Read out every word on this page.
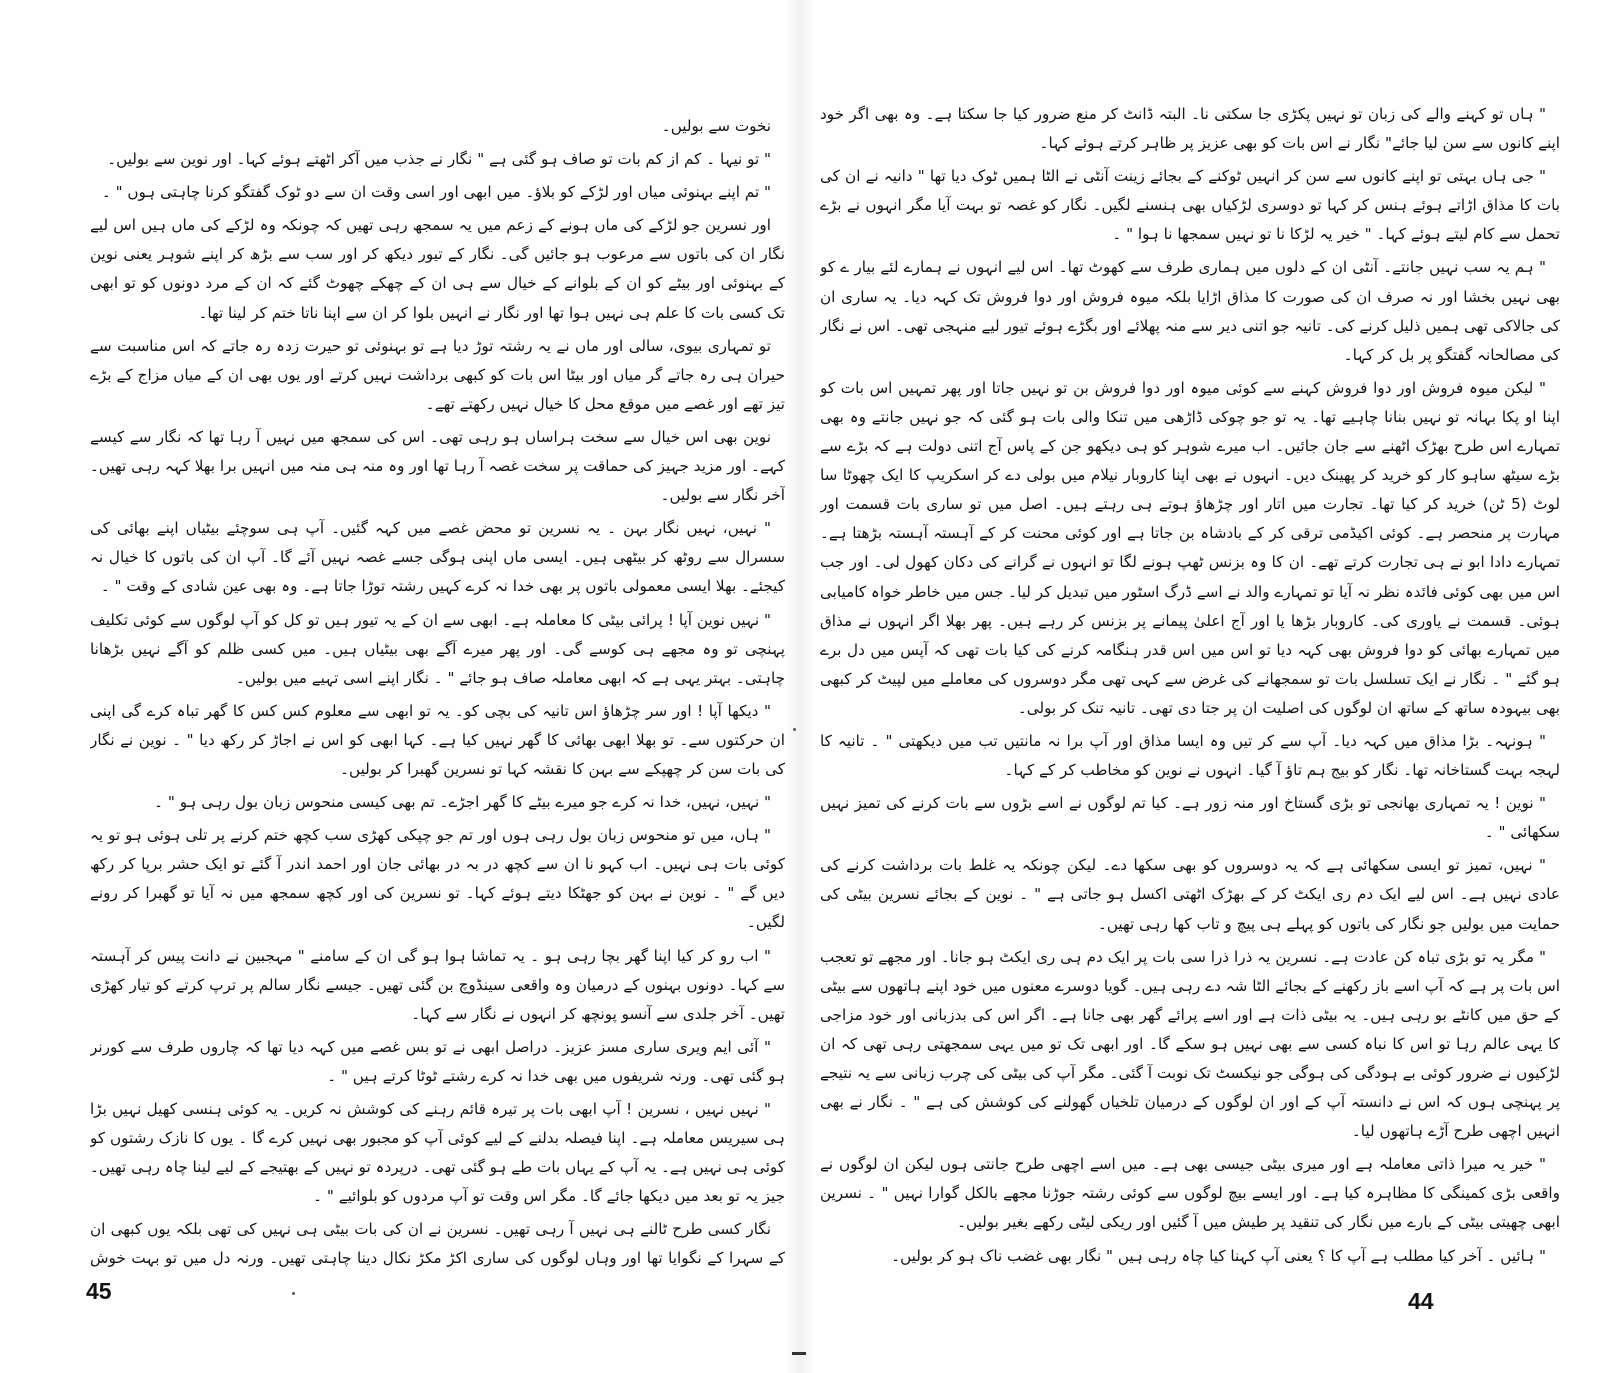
نخوت سے بولیں۔

" تو نیہا ۔ کم از کم بات تو صاف ہو گئی ہے " نگار نے جذب میں آکر اٹھتے ہوئے کہا۔ اور نوین سے بولیں۔

" تم اپنے بہنوئی میاں اور لڑکے کو بلاؤ۔ میں ابھی اور اسی وقت ان سے دو ٹوک گفتگو کرنا چاہتی ہوں " ۔

اور نسرین جو لڑکے کی ماں ہونے کے زعم میں یہ سمجھ رہی تھیں کہ چونکہ وہ لڑکے کی ماں ہیں اس لیے نگار ان کی باتوں سے مرعوب ہو جائیں گی۔ نگار کے تیور دیکھ کر اور سب سے بڑھ کر اپنے شوہر یعنی نوین کے بہنوئی اور بیٹے کو ان کے بلوانے کے خیال سے ہی ان کے چھکے چھوٹ گئے کہ ان کے مرد دونوں کو تو ابھی تک کسی بات کا علم ہی نہیں ہوا تھا اور نگار نے انہیں بلوا کر ان سے اپنا ناتا ختم کر لینا تھا۔

تو تمہاری بیوی، سالی اور ماں نے یہ رشتہ توڑ دیا ہے تو بہنوئی تو حیرت زدہ رہ جاتے کہ اس مناسبت سے حیران ہی رہ جاتے گر میاں اور بیٹا اس بات کو کبھی برداشت نہیں کرتے اور یوں بھی ان کے میاں مزاج کے بڑے تیز تھے اور غصے میں موقع محل کا خیال نہیں رکھتے تھے۔

نوین بھی اس خیال سے سخت ہراساں ہو رہی تھی۔ اس کی سمجھ میں نہیں آ رہا تھا کہ نگار سے کیسے کہے۔ اور مزید جہیز کی حماقت پر سخت غصہ آ رہا تھا اور وہ منہ ہی منہ میں انہیں برا بھلا کہہ رہی تھیں۔ آخر نگار سے بولیں۔

" نہیں، نہیں نگار بہن ۔ یہ نسرین تو محض غصے میں کہہ گئیں۔ آپ ہی سوچئے بیٹیاں اپنے بھائی کی سسرال سے روٹھ کر بیٹھی ہیں۔ ایسی ماں اپنی ہوگی جسے غصہ نہیں آئے گا۔ آپ ان کی باتوں کا خیال نہ کیجئے۔ بھلا ایسی معمولی باتوں پر بھی خدا نہ کرے کہیں رشتہ توڑا جاتا ہے۔ وہ بھی عین شادی کے وقت " ۔

" نہیں نوین آپا ! پرائی بیٹی کا معاملہ ہے۔ ابھی سے ان کے یہ تیور ہیں تو کل کو آپ لوگوں سے کوئی تکلیف پہنچی تو وہ مجھے ہی کوسے گی۔ اور پھر میرے آگے بھی بیٹیاں ہیں۔ میں کسی ظلم کو آگے نہیں بڑھانا چاہتی۔ بہتر یہی ہے کہ ابھی معاملہ صاف ہو جائے " ۔ نگار اپنے اسی تہیے میں بولیں۔

" دیکھا آپا ! اور سر چڑھاؤ اس تانیہ کی بچی کو۔ یہ تو ابھی سے معلوم کس کس کا گھر تباہ کرے گی اپنی ان حرکتوں سے۔ تو بھلا ابھی بھائی کا گھر نہیں کیا ہے۔ کہا ابھی کو اس نے اجاڑ کر رکھ دیا " ۔ نوین نے نگار کی بات سن کر چھپکے سے بہن کا نقشہ کہا تو نسرین گھبرا کر بولیں۔

" نہیں، نہیں، خدا نہ کرے جو میرے بیٹے کا گھر اجڑے۔ تم بھی کیسی منحوس زبان بول رہی ہو " ۔

" ہاں، میں تو منحوس زبان بول رہی ہوں اور تم جو چپکی کھڑی سب کچھ ختم کرنے پر تلی ہوئی ہو تو یہ کوئی بات ہی نہیں۔ اب کہو نا ان سے کچھ در بہ در بھائی جان اور احمد اندر آ گئے تو ایک حشر برپا کر رکھ دیں گے " ۔ نوین نے بہن کو جھٹکا دیتے ہوئے کہا۔ تو نسرین کی اور کچھ سمجھ میں نہ آیا تو گھبرا کر رونے لگیں۔

" اب رو کر کیا اپنا گھر بچا رہی ہو ۔ یہ تماشا ہوا ہو گی ان کے سامنے " مہجبین نے دانت پیس کر آہستہ سے کہا۔ دونوں بہنوں کے درمیان وہ واقعی سینڈوچ بن گئی تھیں۔ جیسے نگار سالم پر ترپ کرتے کو تیار کھڑی تھیں۔ آخر جلدی سے آنسو پونچھ کر انہوں نے نگار سے کہا۔

" آئی ایم ویری ساری مسز عزیز۔ دراصل ابھی نے تو بس غصے میں کہہ دیا تھا کہ چاروں طرف سے کورنر ہو گئی تھی۔ ورنہ شریفوں میں بھی خدا نہ کرے رشتے ٹوٹا کرتے ہیں " ۔

" نہیں نہیں ، نسرین ! آپ ابھی بات پر تیرہ قائم رہنے کی کوشش نہ کریں۔ یہ کوئی ہنسی کھیل نہیں بڑا ہی سیریس معاملہ ہے۔ اپنا فیصلہ بدلنے کے لیے کوئی آپ کو مجبور بھی نہیں کرے گا ۔ یوں کا نازک رشتوں کو کوئی ہی نہیں ہے۔ یہ آپ کے یہاں بات طے ہو گئی تھی۔ درپردہ تو نہیں کے بھتیجے کے لیے لینا چاہ رہی تھیں۔ جیز یہ تو بعد میں دیکھا جائے گا۔ مگر اس وقت تو آپ مردوں کو بلوائیے " ۔

نگار کسی طرح ٹالنے ہی نہیں آ رہی تھیں۔ نسرین نے ان کی بات بیٹی ہی نہیں کی تھی بلکہ یوں کبھی ان کے سہرا کے نگوایا تھا اور وہاں لوگوں کی ساری اکڑ مکڑ نکال دینا چاہتی تھیں۔ ورنہ دل میں تو بہت خوش

45

" ہاں تو کہنے والے کی زبان تو نہیں پکڑی جا سکتی نا۔ البتہ ڈانٹ کر منع ضرور کیا جا سکتا ہے۔ وہ بھی اگر خود اپنے کانوں سے سن لیا جائے" نگار نے اس بات کو بھی عزیز پر ظاہر کرتے ہوئے کہا۔

" جی ہاں بہتی تو اپنے کانوں سے سن کر انہیں ٹوکنے کے بجائے زینت آنٹی نے الٹا ہمیں ٹوک دیا تھا " دانیہ نے ان کی بات کا مذاق اڑاتے ہوئے ہنس کر کہا تو دوسری لڑکیاں بھی ہنسنے لگیں۔ نگار کو غصہ تو بہت آیا مگر انہوں نے بڑے تحمل سے کام لیتے ہوئے کہا۔ " خیر یہ لڑکا نا تو نہیں سمجھا نا ہوا " ۔

" ہم یہ سب نہیں جانتے۔ آنٹی ان کے دلوں میں ہماری طرف سے کھوٹ تھا۔ اس لیے انہوں نے ہمارے لئے بیار ے کو بھی نہیں بخشا اور نہ صرف ان کی صورت کا مذاق اڑایا بلکہ میوہ فروش اور دوا فروش تک کہہ دیا۔ یہ ساری ان کی جالاکی تھی ہمیں ذلیل کرنے کی۔ تانیہ جو اتنی دیر سے منہ پھلائے اور بگڑے ہوئے تیور لیے منہجی تھی۔ اس نے نگار کی مصالحانہ گفتگو پر بل کر کہا۔

" لیکن میوہ فروش اور دوا فروش کہنے سے کوئی میوہ اور دوا فروش بن تو نہیں جاتا اور پھر تمہیں اس بات کو اپنا او پکا بہانہ تو نہیں بنانا چاہیے تھا۔ یہ تو جو چوکی ڈاڑھی میں تنکا والی بات ہو گئی کہ جو نہیں جانتے وہ بھی تمہارے اس طرح بھڑک اٹھنے سے جان جائیں۔ اب میرے شوہر کو ہی دیکھو جن کے پاس آج اتنی دولت ہے کہ بڑے سے بڑے سیٹھ ساہو کار کو خرید کر پھینک دیں۔ انہوں نے بھی اپنا کاروبار نیلام میں بولی دے کر اسکریپ کا ایک چھوٹا سا لوٹ (5 ٹن) خرید کر کیا تھا۔ تجارت میں اتار اور چڑھاؤ ہوتے ہی رہتے ہیں۔ اصل میں تو ساری بات قسمت اور مہارت پر منحصر ہے۔ کوئی اکیڈمی ترقی کر کے بادشاہ بن جاتا ہے اور کوئی محنت کر کے آہستہ آہستہ بڑھتا ہے۔ تمہارے دادا ابو نے ہی تجارت کرتے تھے۔ ان کا وہ بزنس ٹھپ ہونے لگا تو انہوں نے گرانے کی دکان کھول لی۔ اور جب اس میں بھی کوئی فائدہ نظر نہ آیا تو تمہارے والد نے اسے ڈرگ اسٹور میں تبدیل کر لیا۔ جس میں خاطر خواہ کامیابی ہوئی۔ قسمت نے یاوری کی۔ کاروبار بڑھا یا اور آج اعلیٰ پیمانے پر بزنس کر رہے ہیں۔ پھر بھلا اگر انہوں نے مذاق میں تمہارے بھائی کو دوا فروش بھی کہہ دیا تو اس میں اس قدر ہنگامہ کرنے کی کیا بات تھی کہ آپس میں دل برے ہو گئے " ۔ نگار نے ایک تسلسل بات تو سمجھانے کی غرض سے کہی تھی مگر دوسروں کی معاملے میں لپیٹ کر کبھی بھی بیہودہ ساتھ کے ساتھ ان لوگوں کی اصلیت ان پر جتا دی تھی۔ تانیہ تنک کر بولی۔

" ہونہہ۔ بڑا مذاق میں کہہ دیا۔ آپ سے کر تیں وہ ایسا مذاق اور آپ برا نہ مانتیں تب میں دیکھتی " ۔ تانیہ کا لہجہ بہت گستاخانہ تھا۔ نگار کو بیج ہم تاؤ آ گیا۔ انہوں نے نوین کو مخاطب کر کے کہا۔

" نوین ! یہ تمہاری بھانجی تو بڑی گستاخ اور منہ زور ہے۔ کیا تم لوگوں نے اسے بڑوں سے بات کرنے کی تمیز نہیں سکھائی " ۔

" نہیں، تمیز تو ایسی سکھائی ہے کہ یہ دوسروں کو بھی سکھا دے۔ لیکن چونکہ یہ غلط بات برداشت کرنے کی عادی نہیں ہے۔ اس لیے ایک دم ری ایکٹ کر کے بھڑک اٹھتی اکسل ہو جاتی ہے " ۔ نوین کے بجائے نسرین بیٹی کی حمایت میں بولیں جو نگار کی باتوں کو پہلے ہی پیچ و تاب کھا رہی تھیں۔

" مگر یہ تو بڑی تباہ کن عادت ہے۔ نسرین یہ ذرا ذرا سی بات پر ایک دم ہی ری ایکٹ ہو جانا۔ اور مجھے تو تعجب اس بات پر ہے کہ آپ اسے باز رکھنے کے بجائے الٹا شہ دے رہی ہیں۔ گویا دوسرے معنوں میں خود اپنے ہاتھوں سے بیٹی کے حق میں کانٹے بو رہی ہیں۔ یہ بیٹی ذات ہے اور اسے پرائے گھر بھی جانا ہے۔ اگر اس کی بدزبانی اور خود مزاجی کا یہی عالم رہا تو اس کا نباہ کسی سے بھی نہیں ہو سکے گا۔ اور ابھی تک تو میں یہی سمجھتی رہی تھی کہ ان لڑکیوں نے ضرور کوئی بے ہودگی کی ہوگی جو نیکسٹ تک نوبت آ گئی۔ مگر آپ کی بیٹی کی چرب زبانی سے یہ نتیجے پر پہنچی ہوں کہ اس نے دانستہ آپ کے اور ان لوگوں کے درمیان تلخیاں گھولنے کی کوشش کی ہے " ۔ نگار نے بھی انہیں اچھی طرح آڑے ہاتھوں لیا۔

" خیر یہ میرا ذاتی معاملہ ہے اور میری بیٹی جیسی بھی ہے۔ میں اسے اچھی طرح جانتی ہوں لیکن ان لوگوں نے واقعی بڑی کمینگی کا مظاہرہ کیا ہے۔ اور ایسے بیچ لوگوں سے کوئی رشتہ جوڑنا مجھے بالکل گوارا نہیں " ۔ نسرین ابھی چھیتی بیٹی کے بارے میں نگار کی تنقید پر طیش میں آ گئیں اور ریکی لیٹی رکھے بغیر بولیں۔

" ہائیں ۔ آخر کیا مطلب ہے آپ کا ؟ یعنی آپ کہنا کیا چاہ رہی ہیں " نگار بھی غضب ناک ہو کر بولیں۔

44
